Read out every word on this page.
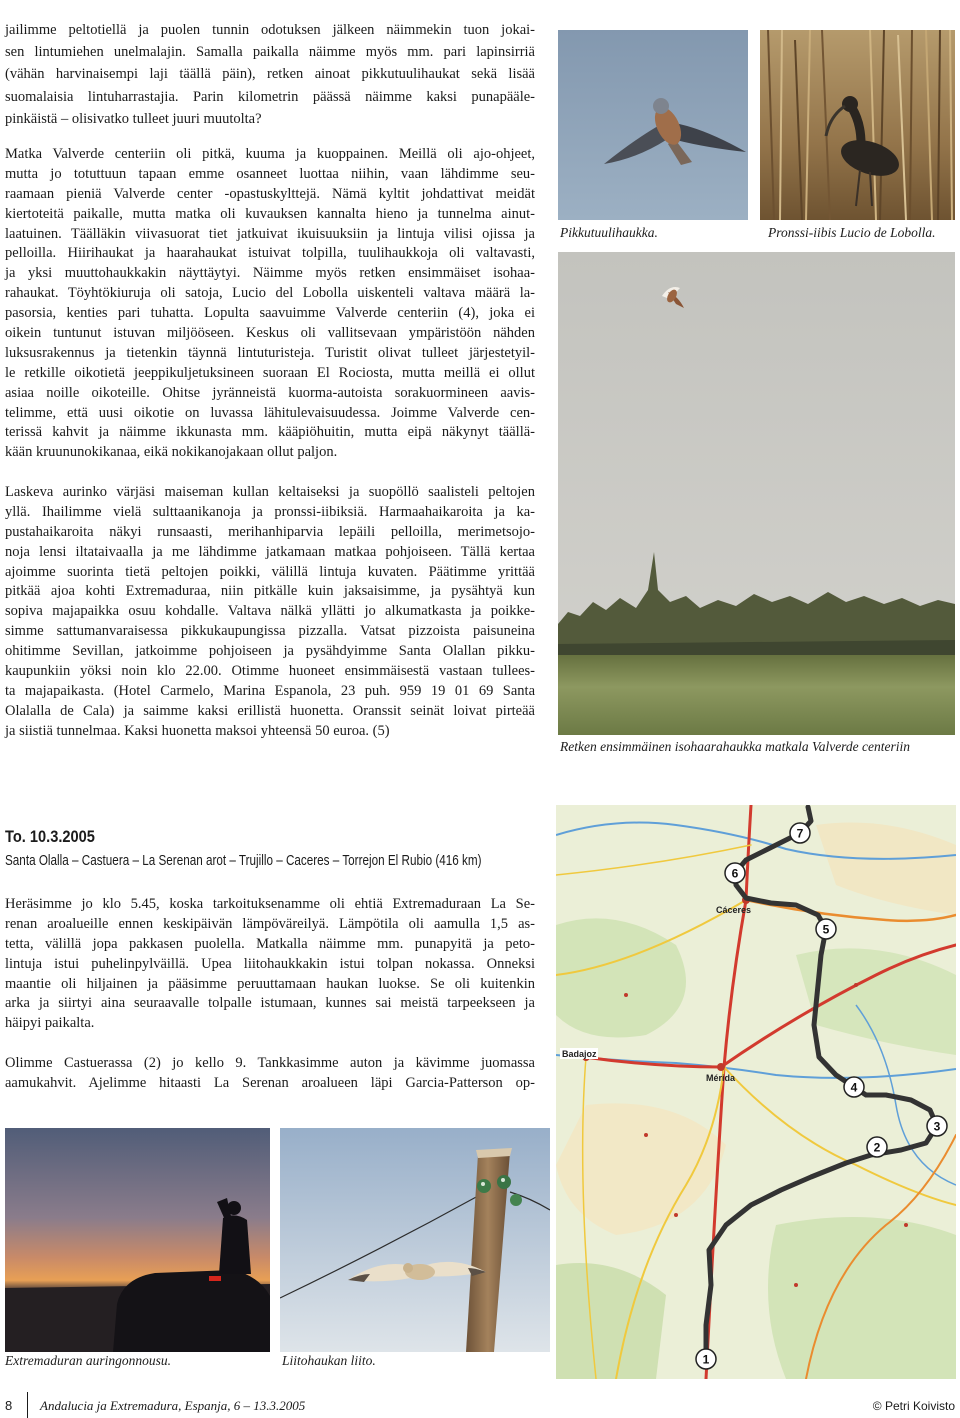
jailimme peltotiellä ja puolen tunnin odotuksen jälkeen näimmekin tuon jokai-
sen lintumiehen unelmalajin. Samalla paikalla näimme myös mm. pari lapinsirriä
(vähän harvinaisempi laji täällä päin), retken ainoat pikkutuulihaukat sekä lisää
suomalaisia lintuharrastajia. Parin kilometrin päässä näimme kaksi punapääle-
pinkäistä – olisivatko tulleet juuri muutolta?
Matka Valverde centeriin oli pitkä, kuuma ja kuoppainen. Meillä oli ajo-ohjeet,
mutta jo totuttuun tapaan emme osanneet luottaa niihin, vaan lähdimme seu-
raamaan pieniä Valverde center -opastuskylttejä. Nämä kyltit johdattivat meidät
kiertoteitä paikalle, mutta matka oli kuvauksen kannalta hieno ja tunnelma ainut-
laatuinen. Täälläkin viivasuorat tiet jatkuivat ikuisuuksiin ja lintuja vilisi ojissa ja
pelloilla. Hiirihaukat ja haarahaukat istuivat tolpilla, tuulihaukkoja oli valtavasti,
ja yksi muuttohaukkakin näyttäytyi. Näimme myös retken ensimmäiset isohaa-
rahaukat. Töyhtökiuruja oli satoja, Lucio del Lobolla uiskenteli valtava määrä la-
pasorsia, kenties pari tuhatta. Lopulta saavuimme Valverde centeriin (4), joka ei
oikein tuntunut istuvan miljööseen. Keskus oli vallitsevaan ympäristöön nähden
luksusrakennus ja tietenkin täynnä lintuturisteja. Turistit olivat tulleet järjestetyil-
le retkille oikotietä jeeppikuljetuksineen suoraan El Rociosta, mutta meillä ei ollut
asiaa noille oikoteille. Ohitse jyränneistä kuorma-autoista sorakuormineen aavis-
telimme, että uusi oikotie on luvassa lähitulevaisuudessa. Joimme Valverde cen-
terissä kahvit ja näimme ikkunasta mm. kääpiöhuitin, mutta eipä näkynyt täällä-
kään kruununokikanaa, eikä nokikanojakaan ollut paljon.
Laskeva aurinko värjäsi maiseman kullan keltaiseksi ja suopöllö saalisteli peltojen
yllä. Ihailimme vielä sulttaanikanoja ja pronssi-iibiksiä. Harmaahaikaroita ja ka-
pustahaikaroita näkyi runsaasti, merihanhiparvia lepäili pelloilla, merimetsojo-
noja lensi iltataivaalla ja me lähdimme jatkamaan matkaa pohjoiseen. Tällä kertaa
ajoimme suorinta tietä peltojen poikki, välillä lintuja kuvaten. Päätimme yrittää
pitkää ajoa kohti Extremaduraa, niin pitkälle kuin jaksaisimme, ja pysähtyä kun
sopiva majapaikka osuu kohdalle. Valtava nälkä yllätti jo alkumatkasta ja poikke-
simme sattumanvaraisessa pikkukaupungissa pizzalla. Vatsat pizzoista paisuneina
ohitimme Sevillan, jatkoimme pohjoiseen ja pysähdyimme Santa Olallan pikku-
kaupunkiin yöksi noin klo 22.00. Otimme huoneet ensimmäisestä vastaan tullees-
ta majapaikasta. (Hotel Carmelo, Marina Espanola, 23 puh. 959 19 01 69 Santa
Olalalla de Cala) ja saimme kaksi erillistä huonetta. Oranssit seinät loivat pirteää
ja siistiä tunnelmaa. Kaksi huonetta maksoi yhteensä 50 euroa. (5)
To. 10.3.2005
Santa Olalla – Castuera – La Serenan arot – Trujillo – Caceres – Torrejon El Rubio (416 km)
Heräsimme jo klo 5.45, koska tarkoituksenamme oli ehtiä Extremaduraan La Se-
renan aroalueille ennen keskipäivän lämpöväreilyä. Lämpötila oli aamulla 1,5 as-
tetta, välillä jopa pakkasen puolella. Matkalla näimme mm. punapyitä ja peto-
lintuja istui puhelinpylväillä. Upea liitohaukkakin istui tolpan nokassa. Onneksi
maantie oli hiljainen ja pääsimme peruuttamaan haukan luokse. Se oli kuitenkin
arka ja siirtyi aina seuraavalle tolpalle istumaan, kunnes sai meistä tarpeekseen ja
häipyi paikalta.
Olimme Castuerassa (2) jo kello 9. Tankkasimme auton ja kävimme juomassa
aamukahvit. Ajelimme hitaasti La Serenan aroalueen läpi Garcia-Patterson op-
Pikkutuulihaukka.	Pronssi-iibis Lucio de Lobolla.
Retken ensimmäinen isohaarahaukka matkala Valverde centeriin
Cáceres
Badajoz
Mérida
1
2
3
4
5
6
7
Extremaduran auringonnousu.	Liitohaukan liito.
8 Andalucia ja Extremadura, Espanja, 6 – 13.3.2005	© Petri Koivisto
